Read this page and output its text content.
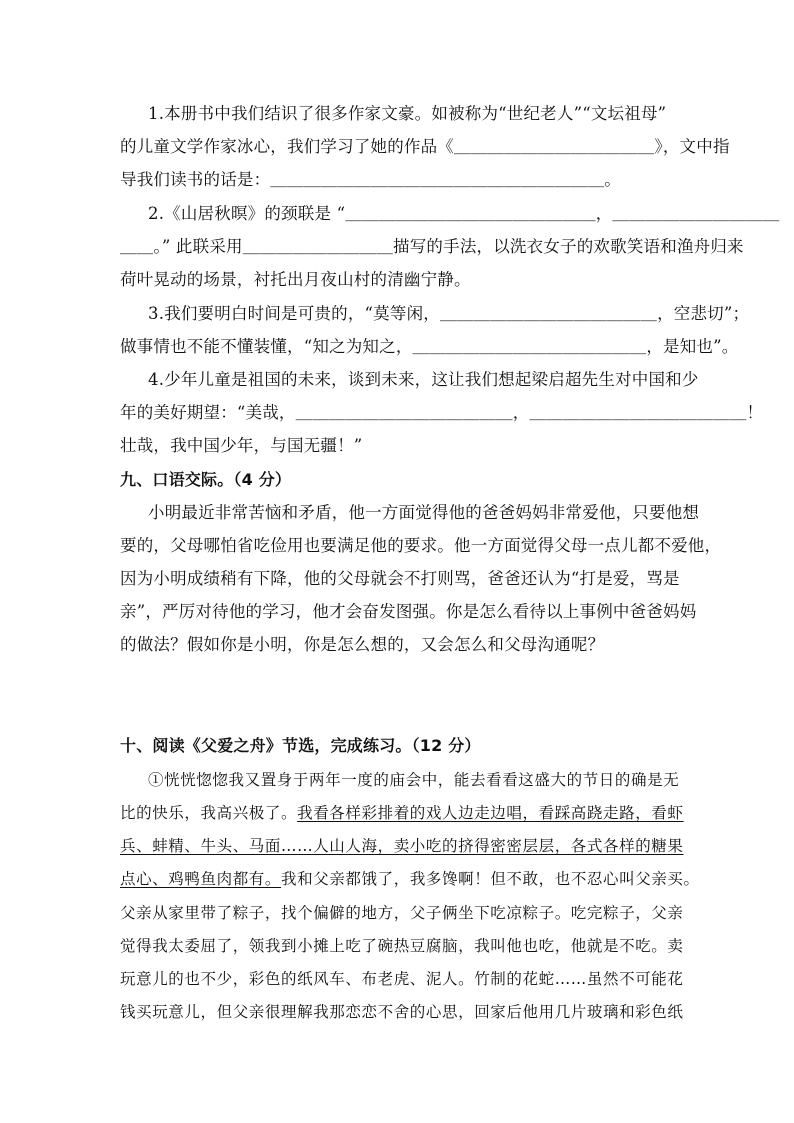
1.本册书中我们结识了很多作家文豪。如被称为“世纪老人”“文坛祖母”
的儿童文学作家冰心，我们学习了她的作品《＿＿＿＿＿＿＿＿＿＿＿＿》，文中指
导我们读书的话是：＿＿＿＿＿＿＿＿＿＿＿＿＿＿＿＿＿＿＿＿。
2.《山居秋暝》的颈联是 “＿＿＿＿＿＿＿＿＿＿＿＿＿＿＿，＿＿＿＿＿＿＿＿＿＿
＿＿。” 此联采用＿＿＿＿＿＿＿＿＿描写的手法，以洗衣女子的欢歌笑语和渔舟归来
荷叶晃动的场景，衬托出月夜山村的清幽宁静。
3.我们要明白时间是可贵的，“莫等闲，＿＿＿＿＿＿＿＿＿＿＿＿＿，空悲切”；
做事情也不能不懂装懂，“知之为知之，＿＿＿＿＿＿＿＿＿＿＿＿＿＿，是知也”。
4.少年儿童是祖国的未来，谈到未来，这让我们想起梁启超先生对中国和少
年的美好期望：“美哉，＿＿＿＿＿＿＿＿＿＿＿＿＿，＿＿＿＿＿＿＿＿＿＿＿＿＿！
壮哉，我中国少年，与国无疆！”
九、口语交际。（4 分）
小明最近非常苦恼和矛盾，他一方面觉得他的爸爸妈妈非常爱他，只要他想
要的，父母哪怕省吃俭用也要满足他的要求。他一方面觉得父母一点儿都不爱他，
因为小明成绩稍有下降，他的父母就会不打则骂，爸爸还认为“打是爱，骂是
亲”，严厉对待他的学习，他才会奋发图强。你是怎么看待以上事例中爸爸妈妈
的做法？假如你是小明，你是怎么想的，又会怎么和父母沟通呢？
十、阅读《父爱之舟》节选，完成练习。（12 分）
①恍恍惚惚我又置身于两年一度的庙会中，能去看看这盛大的节日的确是无
比的快乐，我高兴极了。我看各样彩排着的戏人边走边唱，看踩高跷走路，看虾
兵、蚌精、牛头、马面……人山人海，卖小吃的挤得密密层层，各式各样的糖果
点心、鸡鸭鱼肉都有。我和父亲都饿了，我多馋啊！但不敢，也不忍心叫父亲买。
父亲从家里带了粽子，找个偏僻的地方，父子俩坐下吃凉粽子。吃完粽子，父亲
觉得我太委屈了，领我到小摊上吃了碗热豆腐脑，我叫他也吃，他就是不吃。卖
玩意儿的也不少，彩色的纸风车、布老虎、泥人。竹制的花蛇……虽然不可能花
钱买玩意儿，但父亲很理解我那恋恋不舍的心思，回家后他用几片玻璃和彩色纸
